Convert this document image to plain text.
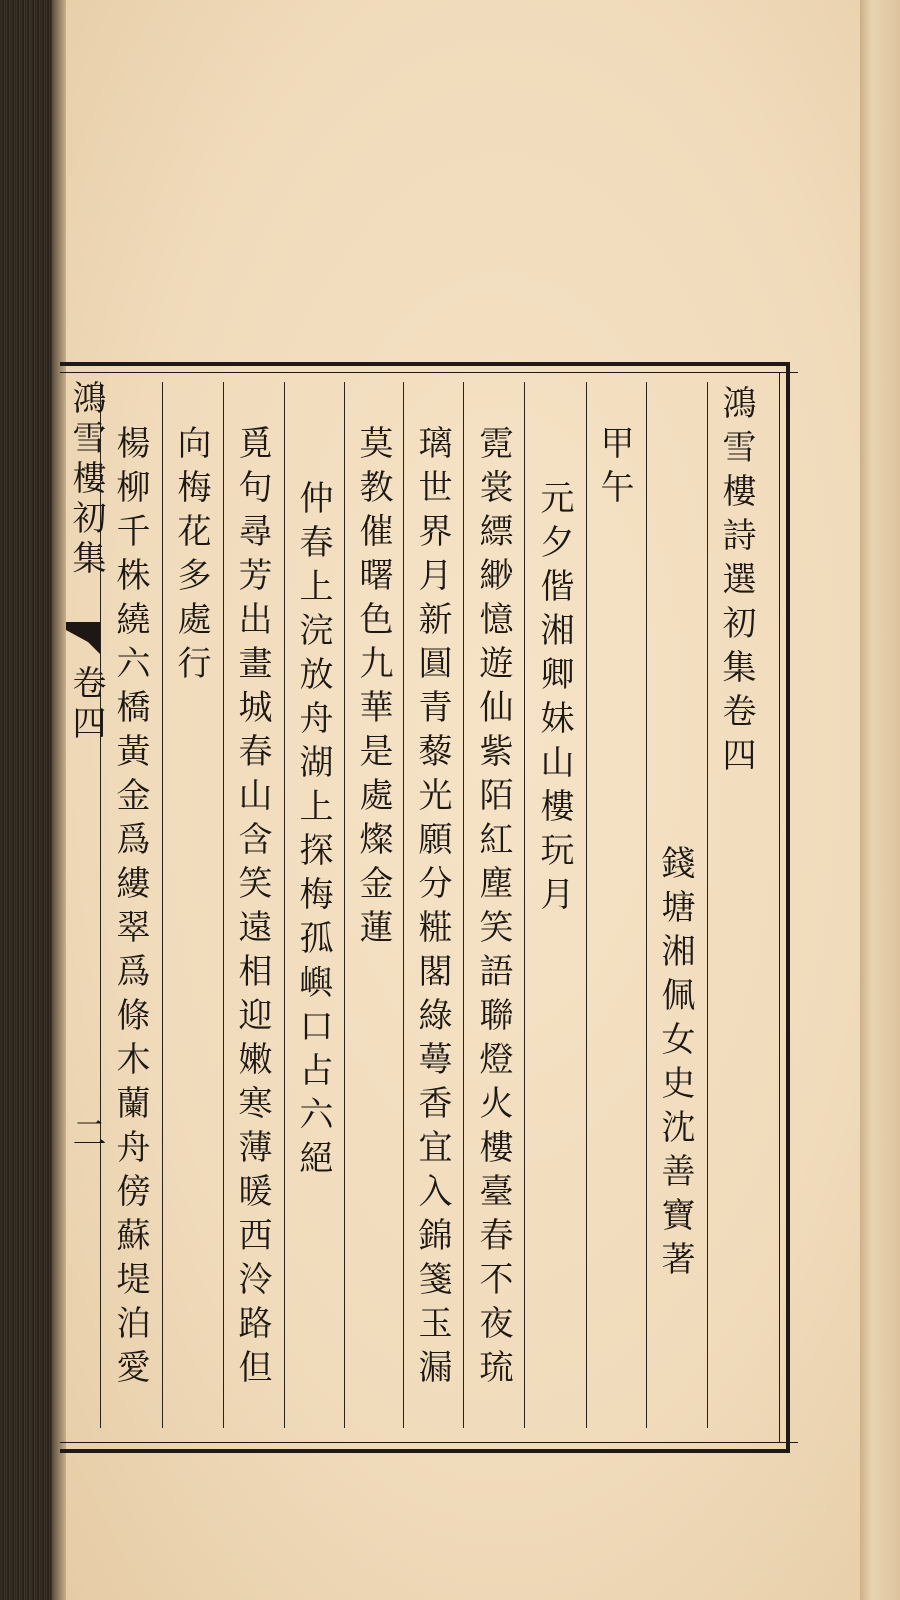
鴻雪樓詩選初集卷四
錢塘湘佩女史沈善寶著
甲午
元夕偕湘卿妹山樓玩月
霓裳縹緲憶遊仙紫陌紅塵笑語聯燈火樓臺春不夜琉
璃世界月新圓青藜光願分糚閣綠蕚香宜入錦箋玉漏
莫教催曙色九華是處燦金蓮
仲春上浣放舟湖上探梅孤嶼口占六絕
覓句尋芳出畫城春山含笑遠相迎嫩寒薄暖西泠路但
向梅花多處行
楊柳千株繞六橋黃金爲縷翠爲條木蘭舟傍蘇堤泊愛
鴻雪樓初集
卷四
二
